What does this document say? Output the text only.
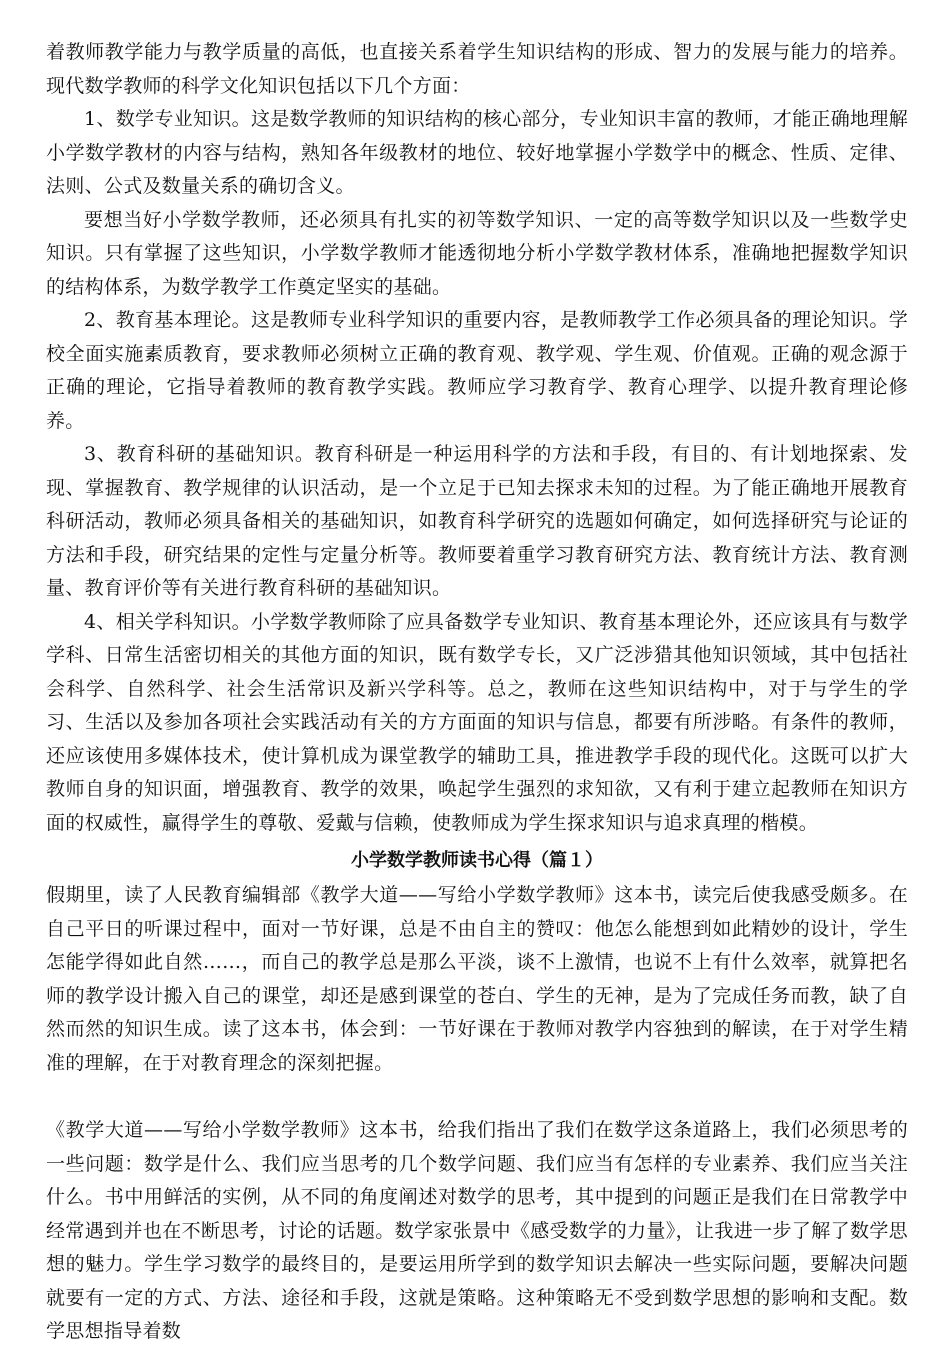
着教师教学能力与教学质量的高低，也直接关系着学生知识结构的形成、智力的发展与能力的培养。现代数学教师的科学文化知识包括以下几个方面：

1、数学专业知识。这是数学教师的知识结构的核心部分，专业知识丰富的教师，才能正确地理解小学数学教材的内容与结构，熟知各年级教材的地位、较好地掌握小学数学中的概念、性质、定律、法则、公式及数量关系的确切含义。

要想当好小学数学教师，还必须具有扎实的初等数学知识、一定的高等数学知识以及一些数学史知识。只有掌握了这些知识，小学数学教师才能透彻地分析小学数学教材体系，准确地把握数学知识的结构体系，为数学教学工作奠定坚实的基础。

2、教育基本理论。这是教师专业科学知识的重要内容，是教师教学工作必须具备的理论知识。学校全面实施素质教育，要求教师必须树立正确的教育观、教学观、学生观、价值观。正确的观念源于正确的理论，它指导着教师的教育教学实践。教师应学习教育学、教育心理学、以提升教育理论修养。

3、教育科研的基础知识。教育科研是一种运用科学的方法和手段，有目的、有计划地探索、发现、掌握教育、教学规律的认识活动，是一个立足于已知去探求未知的过程。为了能正确地开展教育科研活动，教师必须具备相关的基础知识，如教育科学研究的选题如何确定，如何选择研究与论证的方法和手段，研究结果的定性与定量分析等。教师要着重学习教育研究方法、教育统计方法、教育测量、教育评价等有关进行教育科研的基础知识。

4、相关学科知识。小学数学教师除了应具备数学专业知识、教育基本理论外，还应该具有与数学学科、日常生活密切相关的其他方面的知识，既有数学专长，又广泛涉猎其他知识领域，其中包括社会科学、自然科学、社会生活常识及新兴学科等。总之，教师在这些知识结构中，对于与学生的学习、生活以及参加各项社会实践活动有关的方方面面的知识与信息，都要有所涉略。有条件的教师，还应该使用多媒体技术，使计算机成为课堂教学的辅助工具，推进教学手段的现代化。这既可以扩大教师自身的知识面，增强教育、教学的效果，唤起学生强烈的求知欲，又有利于建立起教师在知识方面的权威性，赢得学生的尊敬、爱戴与信赖，使教师成为学生探求知识与追求真理的楷模。

小学数学教师读书心得（篇１）

假期里，读了人民教育编辑部《教学大道——写给小学数学教师》这本书，读完后使我感受颇多。在自己平日的听课过程中，面对一节好课，总是不由自主的赞叹：他怎么能想到如此精妙的设计，学生怎能学得如此自然……，而自己的教学总是那么平淡，谈不上激情，也说不上有什么效率，就算把名师的教学设计搬入自己的课堂，却还是感到课堂的苍白、学生的无神，是为了完成任务而教，缺了自然而然的知识生成。读了这本书，体会到：一节好课在于教师对教学内容独到的解读，在于对学生精准的理解，在于对教育理念的深刻把握。

《教学大道——写给小学数学教师》这本书，给我们指出了我们在数学这条道路上，我们必须思考的一些问题：数学是什么、我们应当思考的几个数学问题、我们应当有怎样的专业素养、我们应当关注什么。书中用鲜活的实例，从不同的角度阐述对数学的思考，其中提到的问题正是我们在日常教学中经常遇到并也在不断思考，讨论的话题。数学家张景中《感受数学的力量》，让我进一步了解了数学思想的魅力。学生学习数学的最终目的，是要运用所学到的数学知识去解决一些实际问题，要解决问题就要有一定的方式、方法、途径和手段，这就是策略。这种策略无不受到数学思想的影响和支配。数学思想指导着数
